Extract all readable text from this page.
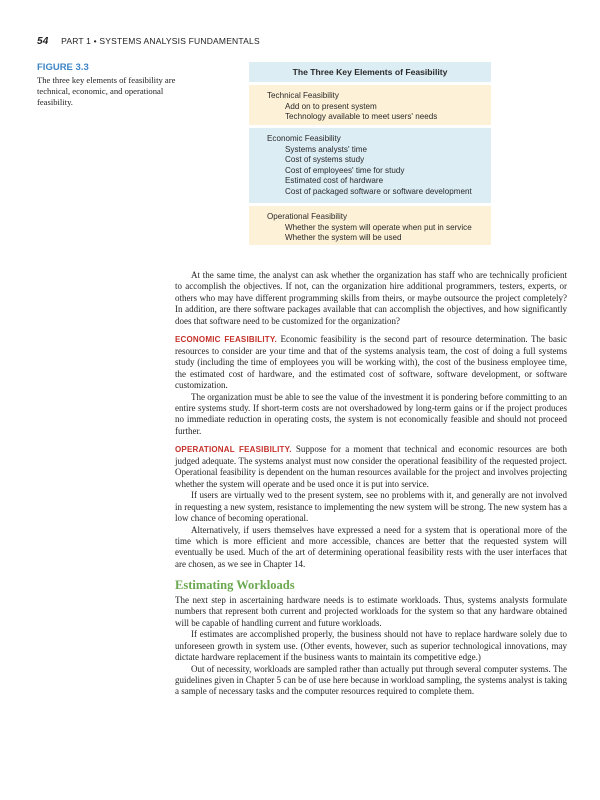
54 PART 1 • SYSTEMS ANALYSIS FUNDAMENTALS
FIGURE 3.3
The three key elements of feasibility are technical, economic, and operational feasibility.
The Three Key Elements of Feasibility
Technical Feasibility
Add on to present system
Technology available to meet users' needs
Economic Feasibility
Systems analysts' time
Cost of systems study
Cost of employees' time for study
Estimated cost of hardware
Cost of packaged software or software development
Operational Feasibility
Whether the system will operate when put in service
Whether the system will be used

At the same time, the analyst can ask whether the organization has staff who are technically proficient to accomplish the objectives. If not, can the organization hire additional programmers, testers, experts, or others who may have different programming skills from theirs, or maybe outsource the project completely? In addition, are there software packages available that can accomplish the objectives, and how significantly does that software need to be customized for the organization?

ECONOMIC FEASIBILITY. Economic feasibility is the second part of resource determination. The basic resources to consider are your time and that of the systems analysis team, the cost of doing a full systems study (including the time of employees you will be working with), the cost of the business employee time, the estimated cost of hardware, and the estimated cost of software, software development, or software customization.

The organization must be able to see the value of the investment it is pondering before committing to an entire systems study. If short-term costs are not overshadowed by long-term gains or if the project produces no immediate reduction in operating costs, the system is not economically feasible and should not proceed further.

OPERATIONAL FEASIBILITY. Suppose for a moment that technical and economic resources are both judged adequate. The systems analyst must now consider the operational feasibility of the requested project. Operational feasibility is dependent on the human resources available for the project and involves projecting whether the system will operate and be used once it is put into service.

If users are virtually wed to the present system, see no problems with it, and generally are not involved in requesting a new system, resistance to implementing the new system will be strong. The new system has a low chance of becoming operational.

Alternatively, if users themselves have expressed a need for a system that is operational more of the time which is more efficient and more accessible, chances are better that the requested system will eventually be used. Much of the art of determining operational feasibility rests with the user interfaces that are chosen, as we see in Chapter 14.

Estimating Workloads

The next step in ascertaining hardware needs is to estimate workloads. Thus, systems analysts formulate numbers that represent both current and projected workloads for the system so that any hardware obtained will be capable of handling current and future workloads.

If estimates are accomplished properly, the business should not have to replace hardware solely due to unforeseen growth in system use. (Other events, however, such as superior technological innovations, may dictate hardware replacement if the business wants to maintain its competitive edge.)

Out of necessity, workloads are sampled rather than actually put through several computer systems. The guidelines given in Chapter 5 can be of use here because in workload sampling, the systems analyst is taking a sample of necessary tasks and the computer resources required to complete them.
